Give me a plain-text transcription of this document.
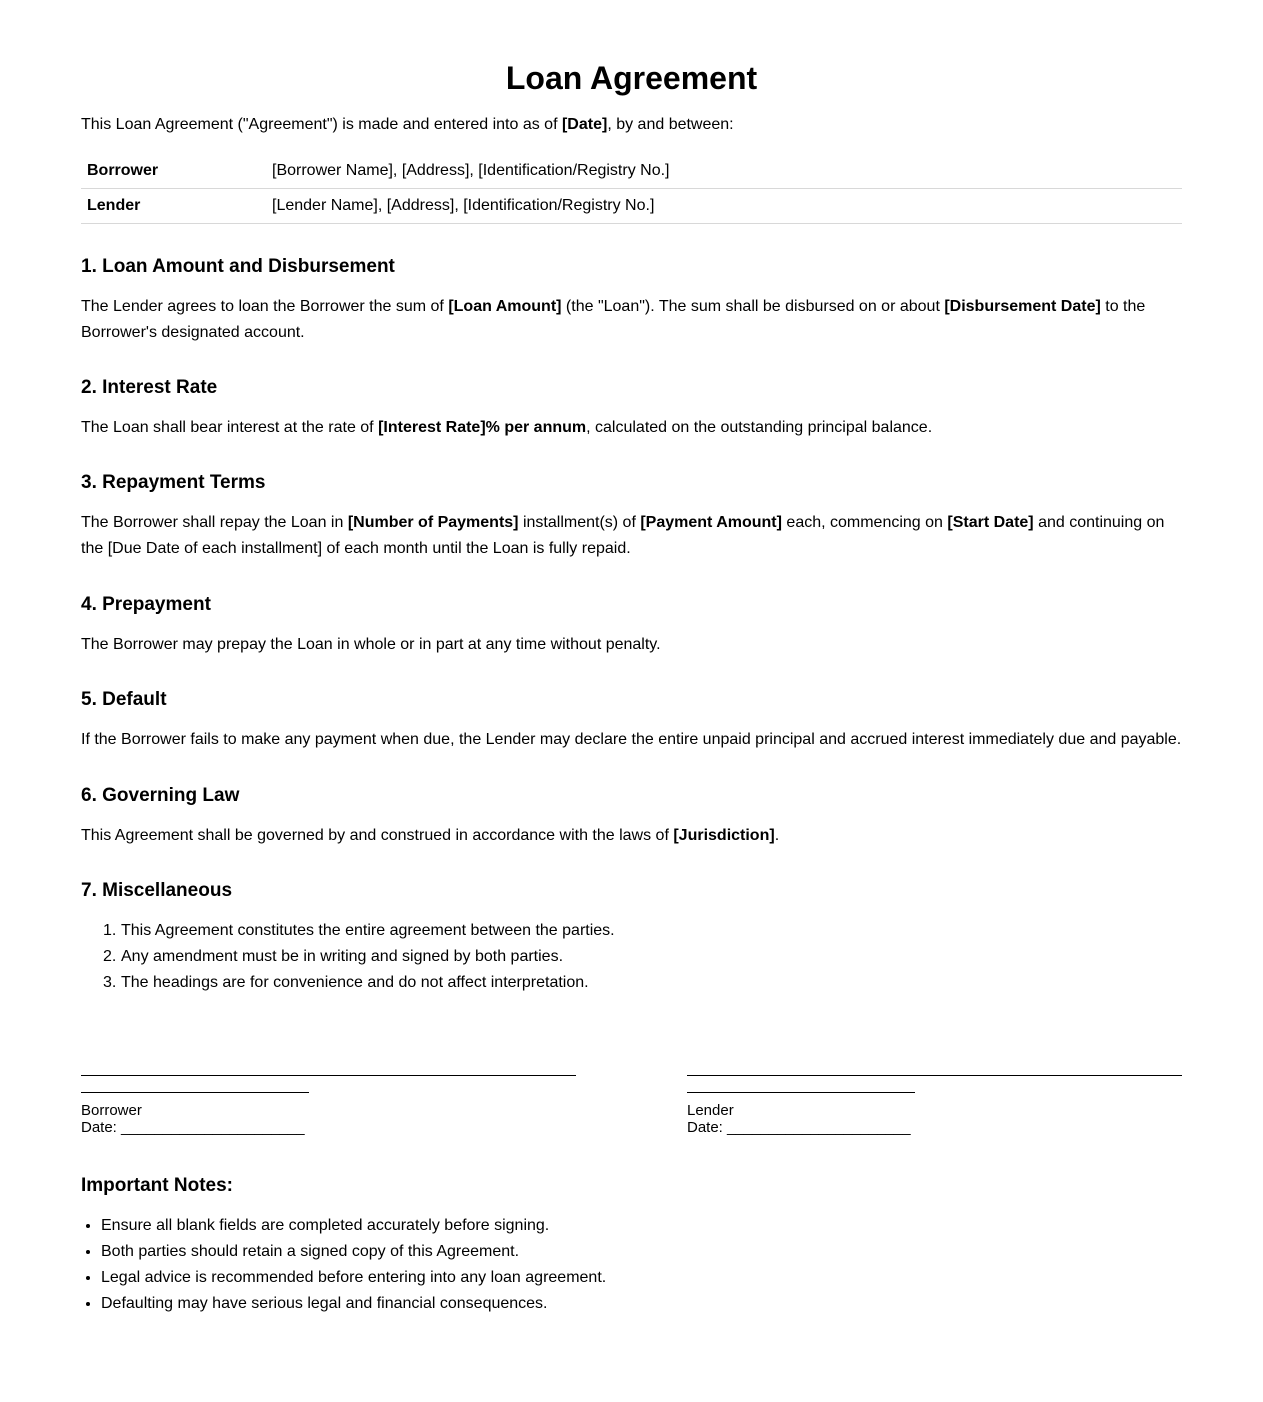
Loan Agreement

This Loan Agreement ("Agreement") is made and entered into as of [Date], by and between:

Borrower	[Borrower Name], [Address], [Identification/Registry No.]
Lender	[Lender Name], [Address], [Identification/Registry No.]
1. Loan Amount and Disbursement

The Lender agrees to loan the Borrower the sum of [Loan Amount] (the "Loan"). The sum shall be disbursed on or about [Disbursement Date] to the Borrower's designated account.

2. Interest Rate

The Loan shall bear interest at the rate of [Interest Rate]% per annum, calculated on the outstanding principal balance.

3. Repayment Terms

The Borrower shall repay the Loan in [Number of Payments] installment(s) of [Payment Amount] each, commencing on [Start Date] and continuing on the [Due Date of each installment] of each month until the Loan is fully repaid.

4. Prepayment

The Borrower may prepay the Loan in whole or in part at any time without penalty.

5. Default

If the Borrower fails to make any payment when due, the Lender may declare the entire unpaid principal and accrued interest immediately due and payable.

6. Governing Law

This Agreement shall be governed by and construed in accordance with the laws of [Jurisdiction].

7. Miscellaneous
1. This Agreement constitutes the entire agreement between the parties.
2. Any amendment must be in writing and signed by both parties.
3. The headings are for convenience and do not affect interpretation.
Borrower
Date: ______________________
Lender
Date: ______________________
Important Notes:
• Ensure all blank fields are completed accurately before signing.
• Both parties should retain a signed copy of this Agreement.
• Legal advice is recommended before entering into any loan agreement.
• Defaulting may have serious legal and financial consequences.
